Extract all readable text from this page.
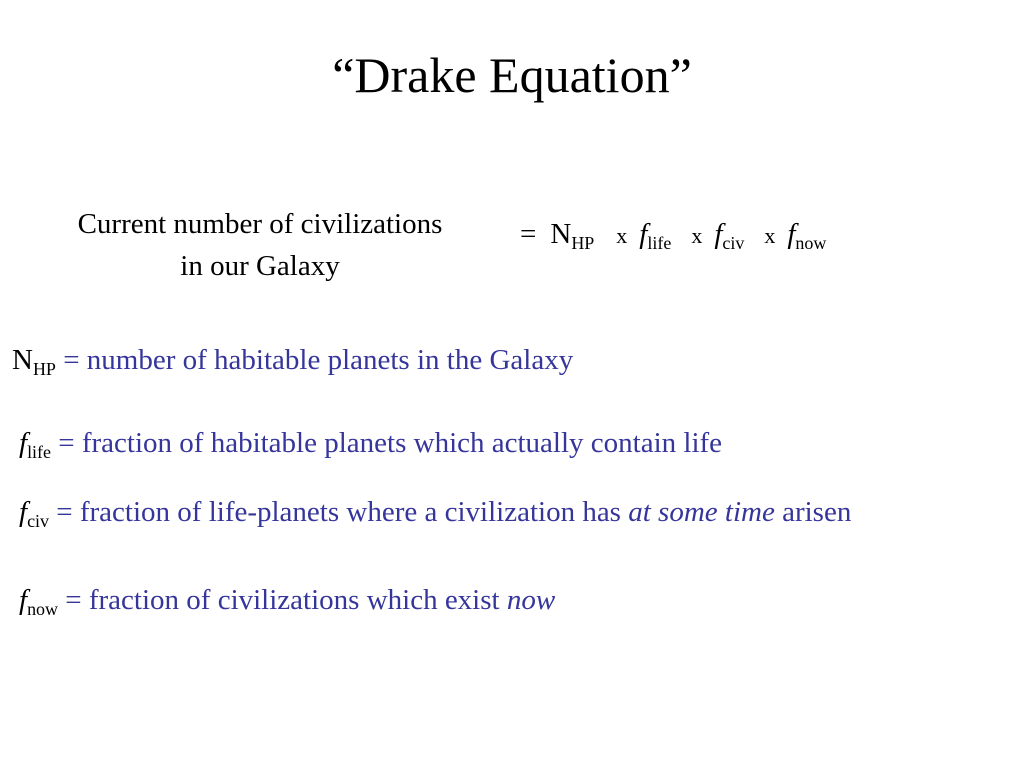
“Drake Equation”
Current number of civilizations
in our Galaxy
= $N_{HP}$ x $f_{life}$ x $f_{civ}$ x $f_{now}$
$N_{HP}$ = number of habitable planets in the Galaxy
$f_{life}$ = fraction of habitable planets which actually contain life
$f_{civ}$ = fraction of life-planets where a civilization has at some time arisen
$f_{now}$ = fraction of civilizations which exist now
